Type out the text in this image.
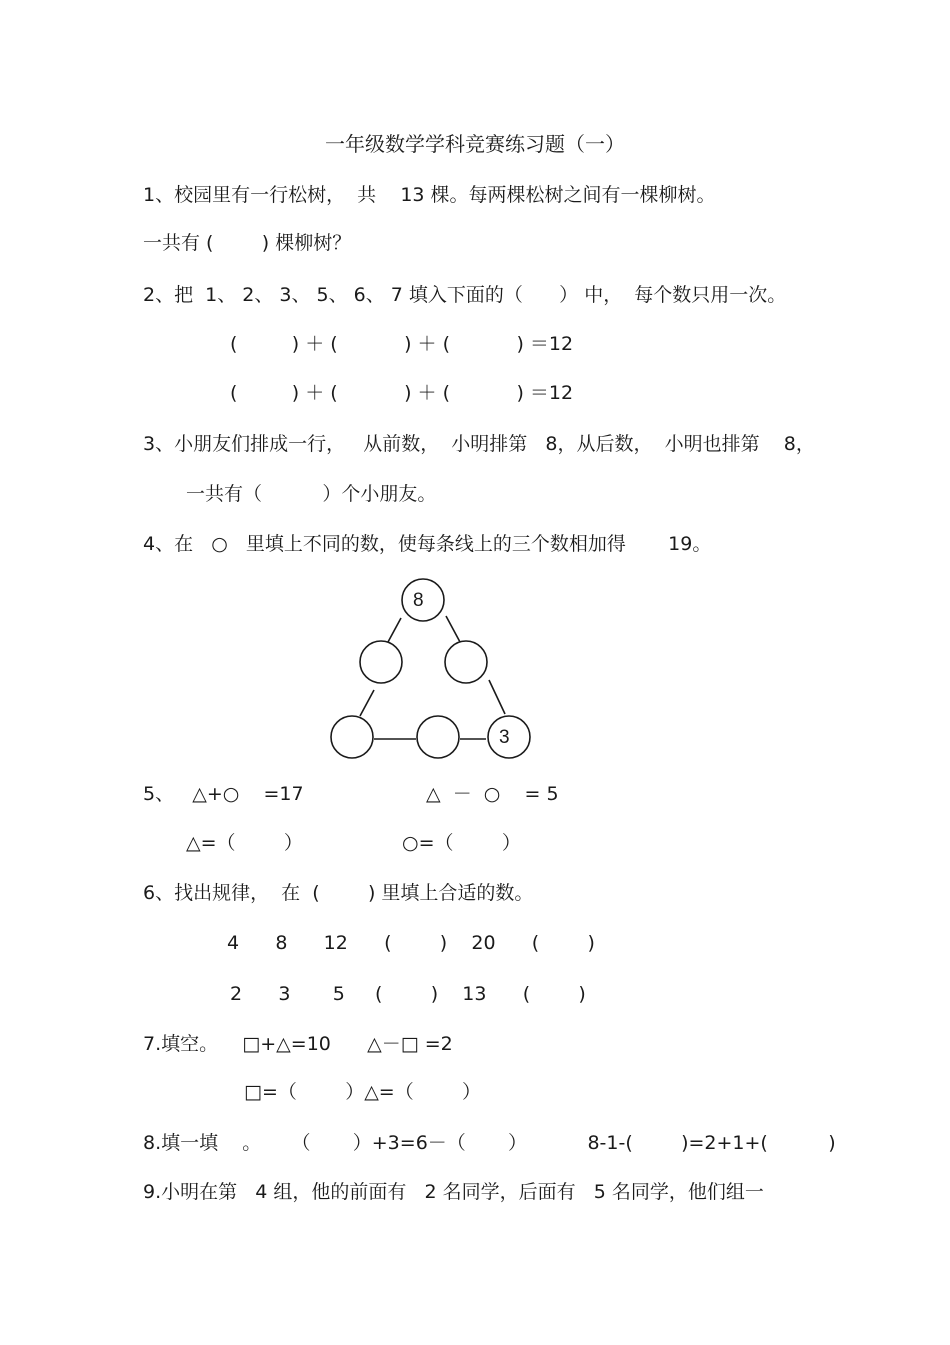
一年级数学学科竞赛练习题（一）
1、校园里有一行松树，  共    13 棵。每两棵松树之间有一棵柳树。
一共有 (        ) 棵柳树？
2、把  1、 2、 3、 5、 6、 7 填入下面的（      ） 中，  每个数只用一次。
(         ) ＋ (           ) ＋ (           ) ＝12
(         ) ＋ (           ) ＋ (           ) ＝12
3、小朋友们排成一行，   从前数，  小明排第   8，从后数，  小明也排第    8，
一共有（          ）个小朋友。
4、在   ○   里填上不同的数，使每条线上的三个数相加得       19。
8
3
5、   △+○    =17	△  －  ○    = 5
△=（        ）	○=（        ）
6、找出规律，  在  (        ) 里填上合适的数。
4      8      12      (        )    20      (        )
2      3       5     (        )    13      (        )
7.填空。    □+△=10      △－□ =2
□=（        ）△=（        ）
8.填一填    。     （       ）+3=6－（       ）          8-1-(        )=2+1+(          )
9.小明在第   4 组，他的前面有   2 名同学，后面有   5 名同学，他们组一
